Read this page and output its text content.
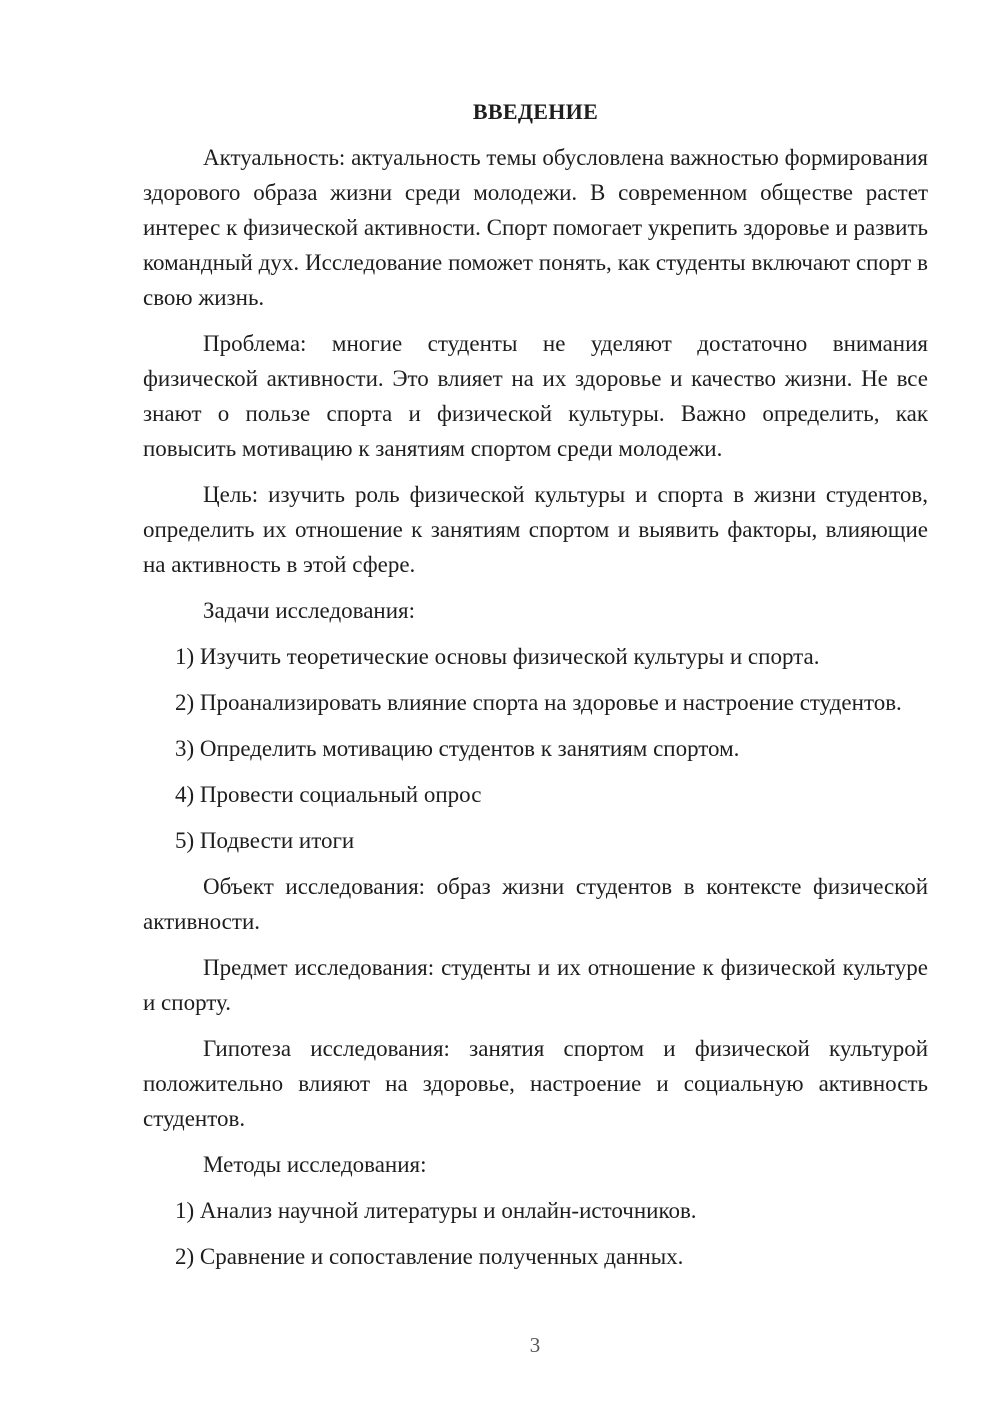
ВВЕДЕНИЕ

Актуальность: актуальность темы обусловлена важностью формирования здорового образа жизни среди молодежи. В современном обществе растет интерес к физической активности. Спорт помогает укрепить здоровье и развить командный дух. Исследование поможет понять, как студенты включают спорт в свою жизнь.

Проблема: многие студенты не уделяют достаточно внимания физической активности. Это влияет на их здоровье и качество жизни. Не все знают о пользе спорта и физической культуры. Важно определить, как повысить мотивацию к занятиям спортом среди молодежи.

Цель: изучить роль физической культуры и спорта в жизни студентов, определить их отношение к занятиям спортом и выявить факторы, влияющие на активность в этой сфере.

Задачи исследования:

1) Изучить теоретические основы физической культуры и спорта.

2) Проанализировать влияние спорта на здоровье и настроение студентов.

3) Определить мотивацию студентов к занятиям спортом.

4) Провести социальный опрос

5) Подвести итоги

Объект исследования: образ жизни студентов в контексте физической активности.

Предмет исследования: студенты и их отношение к физической культуре и спорту.

Гипотеза исследования: занятия спортом и физической культурой положительно влияют на здоровье, настроение и социальную активность студентов.

Методы исследования:

1) Анализ научной литературы и онлайн-источников.

2) Сравнение и сопоставление полученных данных.

3
